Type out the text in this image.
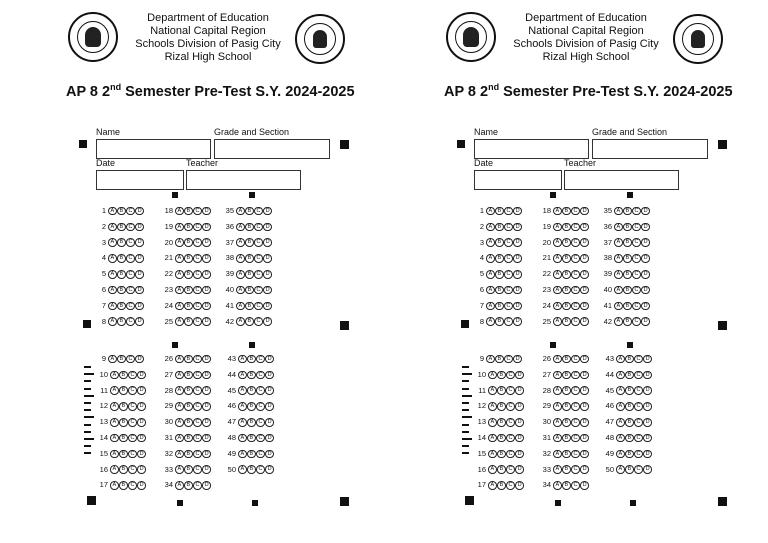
Department of Education
National Capital Region
Schools Division of Pasig City
Rizal High School
AP 8 2nd Semester Pre-Test S.Y. 2024-2025
Name	Grade and Section
Date	Teacher
1 A B C D	18 A B C D	35 A B C D
2 A B C D	19 A B C D	36 A B C D
3 A B C D	20 A B C D	37 A B C D
4 A B C D	21 A B C D	38 A B C D
5 A B C D	22 A B C D	39 A B C D
6 A B C D	23 A B C D	40 A B C D
7 A B C D	24 A B C D	41 A B C D
8 A B C D	25 A B C D	42 A B C D
9 A B C D	26 A B C D	43 A B C D
10 A B C D	27 A B C D	44 A B C D
11 A B C D	28 A B C D	45 A B C D
12 A B C D	29 A B C D	46 A B C D
13 A B C D	30 A B C D	47 A B C D
14 A B C D	31 A B C D	48 A B C D
15 A B C D	32 A B C D	49 A B C D
16 A B C D	33 A B C D	50 A B C D
17 A B C D	34 A B C D
Department of Education
National Capital Region
Schools Division of Pasig City
Rizal High School
AP 8 2nd Semester Pre-Test S.Y. 2024-2025
Name	Grade and Section
Date	Teacher
1 A B C D	18 A B C D	35 A B C D
2 A B C D	19 A B C D	36 A B C D
3 A B C D	20 A B C D	37 A B C D
4 A B C D	21 A B C D	38 A B C D
5 A B C D	22 A B C D	39 A B C D
6 A B C D	23 A B C D	40 A B C D
7 A B C D	24 A B C D	41 A B C D
8 A B C D	25 A B C D	42 A B C D
9 A B C D	26 A B C D	43 A B C D
10 A B C D	27 A B C D	44 A B C D
11 A B C D	28 A B C D	45 A B C D
12 A B C D	29 A B C D	46 A B C D
13 A B C D	30 A B C D	47 A B C D
14 A B C D	31 A B C D	48 A B C D
15 A B C D	32 A B C D	49 A B C D
16 A B C D	33 A B C D	50 A B C D
17 A B C D	34 A B C D
